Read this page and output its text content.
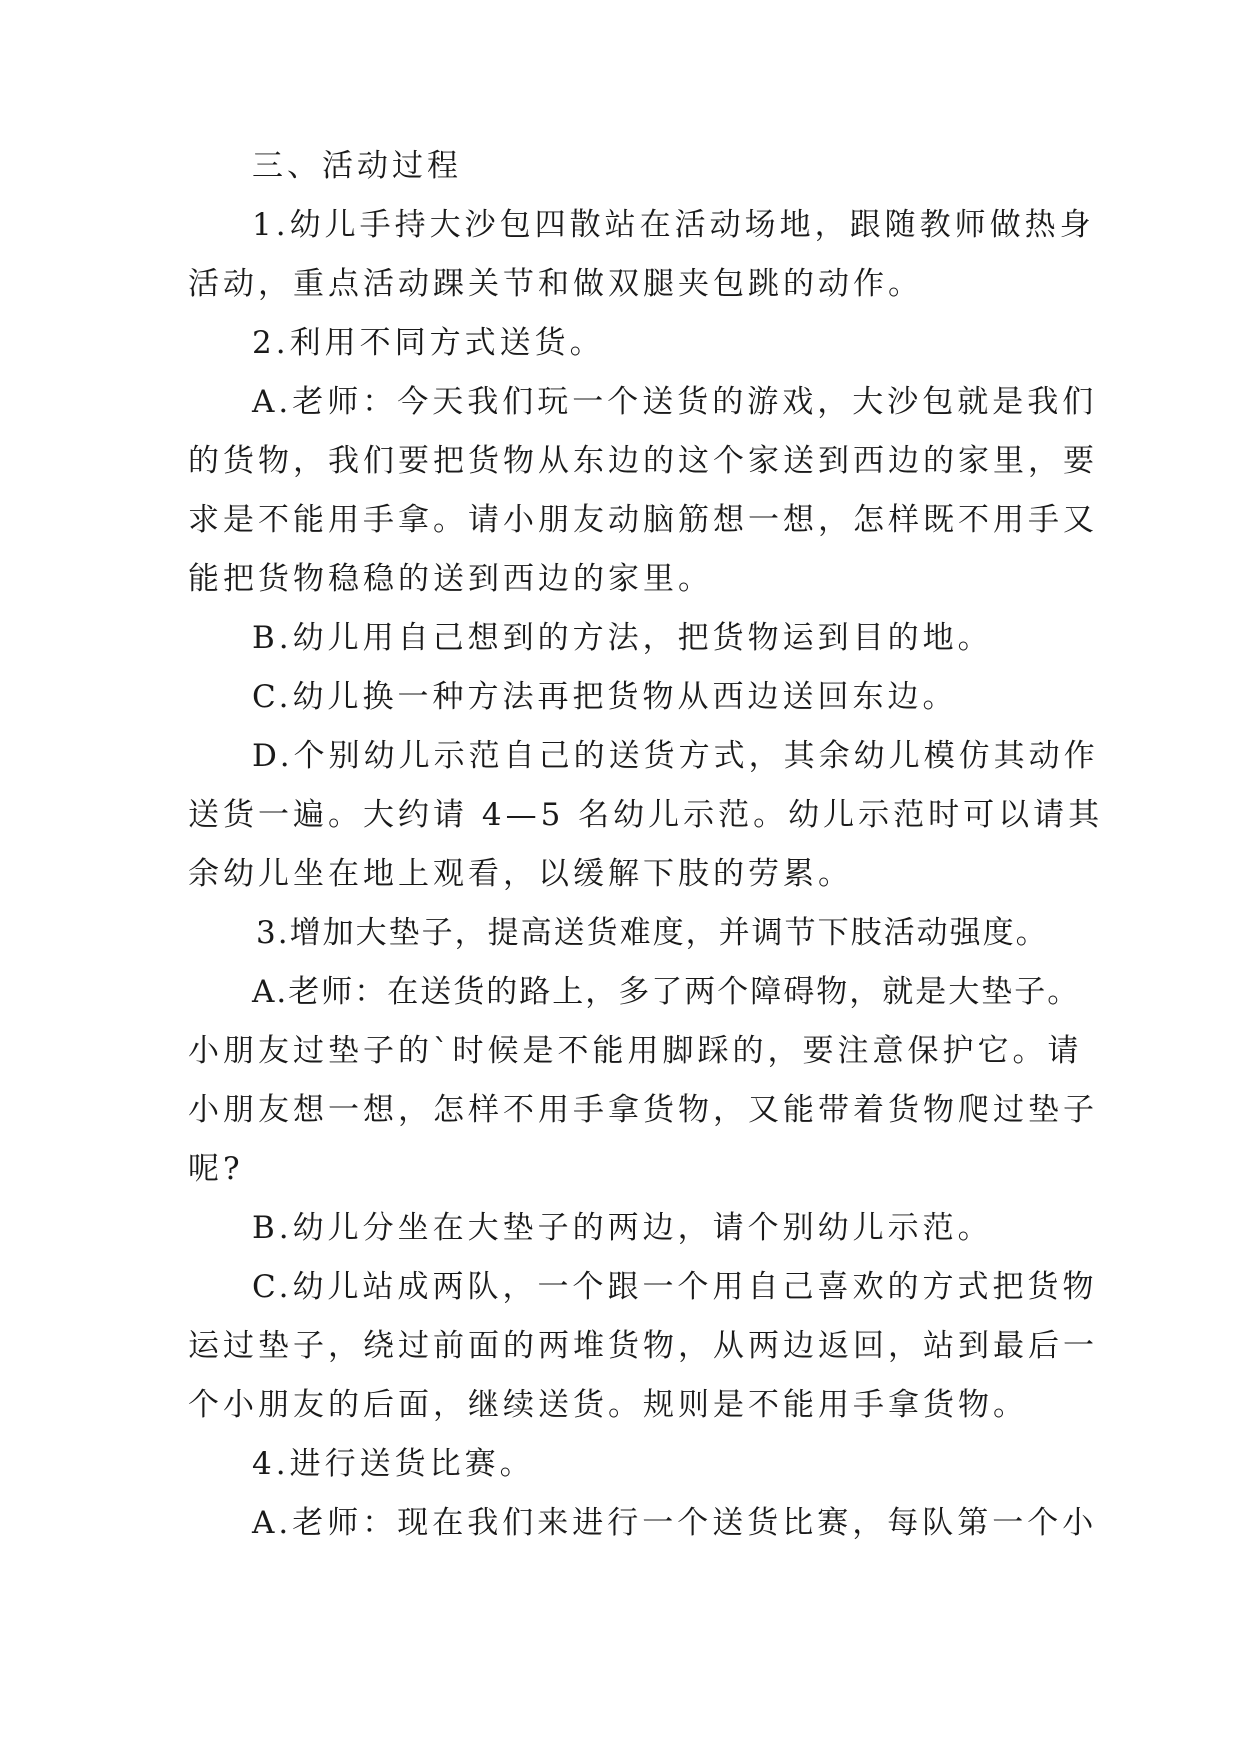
三、活动过程
1.幼儿手持大沙包四散站在活动场地，跟随教师做热身
活动，重点活动踝关节和做双腿夹包跳的动作。
2.利用不同方式送货。
A.老师：今天我们玩一个送货的游戏，大沙包就是我们
的货物，我们要把货物从东边的这个家送到西边的家里，要
求是不能用手拿。请小朋友动脑筋想一想，怎样既不用手又
能把货物稳稳的送到西边的家里。
B.幼儿用自己想到的方法，把货物运到目的地。
C.幼儿换一种方法再把货物从西边送回东边。
D.个别幼儿示范自己的送货方式，其余幼儿模仿其动作
送货一遍。大约请 4—5 名幼儿示范。幼儿示范时可以请其
余幼儿坐在地上观看，以缓解下肢的劳累。
3.增加大垫子，提高送货难度，并调节下肢活动强度。
A.老师：在送货的路上，多了两个障碍物，就是大垫子。
小朋友过垫子的`时候是不能用脚踩的，要注意保护它。请
小朋友想一想，怎样不用手拿货物，又能带着货物爬过垫子
呢?
B.幼儿分坐在大垫子的两边，请个别幼儿示范。
C.幼儿站成两队，一个跟一个用自己喜欢的方式把货物
运过垫子，绕过前面的两堆货物，从两边返回，站到最后一
个小朋友的后面，继续送货。规则是不能用手拿货物。
4.进行送货比赛。
A.老师：现在我们来进行一个送货比赛，每队第一个小
